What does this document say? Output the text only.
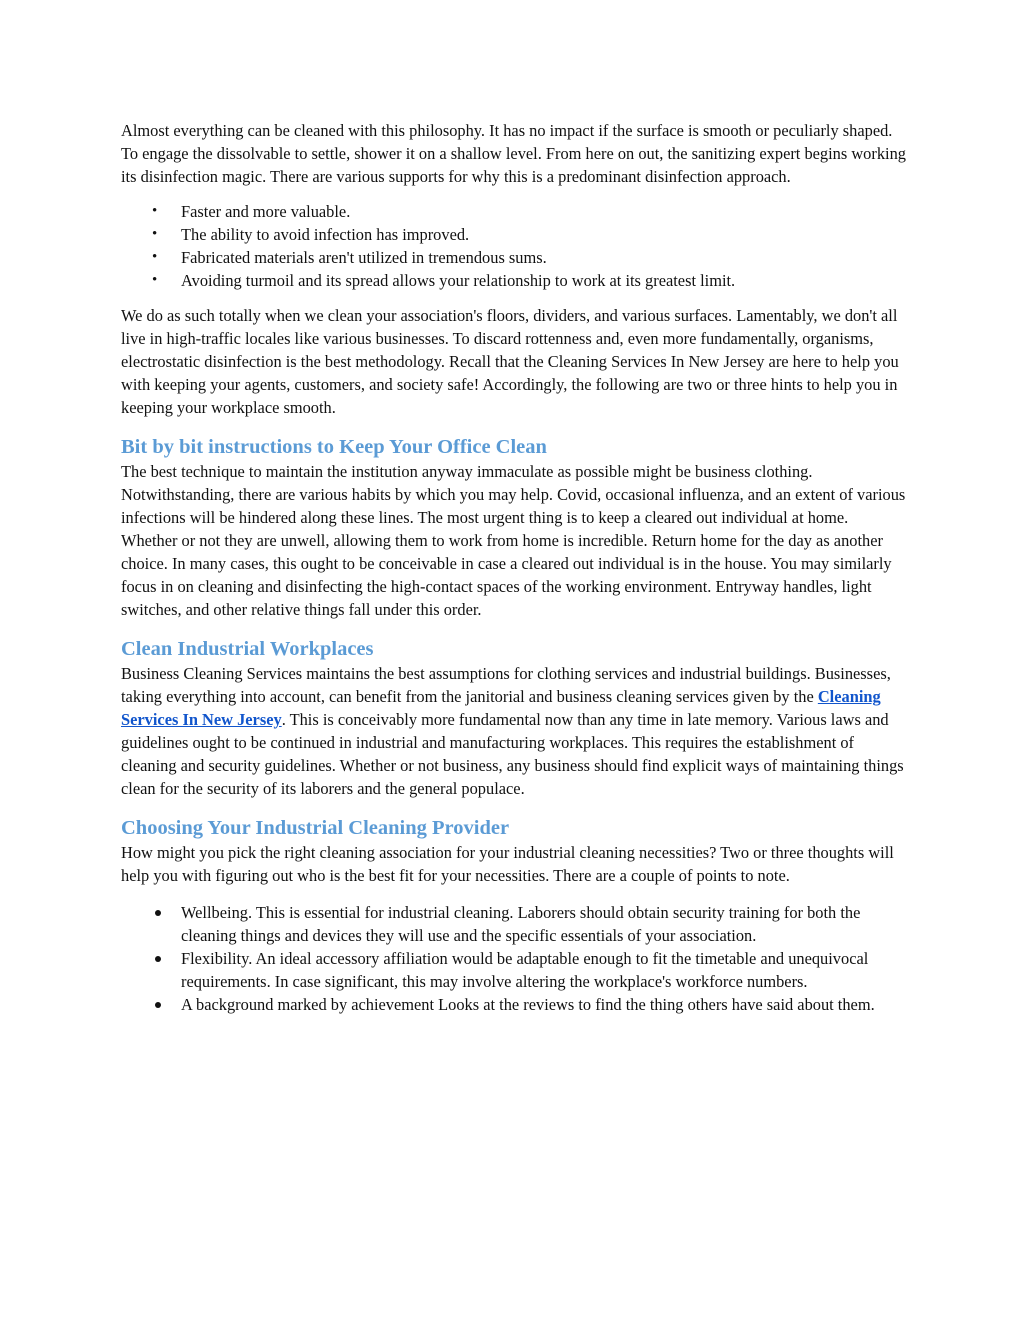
Almost everything can be cleaned with this philosophy. It has no impact if the surface is smooth or peculiarly shaped. To engage the dissolvable to settle, shower it on a shallow level. From here on out, the sanitizing expert begins working its disinfection magic. There are various supports for why this is a predominant disinfection approach.

• Faster and more valuable.
• The ability to avoid infection has improved.
• Fabricated materials aren't utilized in tremendous sums.
• Avoiding turmoil and its spread allows your relationship to work at its greatest limit.

We do as such totally when we clean your association's floors, dividers, and various surfaces. Lamentably, we don't all live in high-traffic locales like various businesses. To discard rottenness and, even more fundamentally, organisms, electrostatic disinfection is the best methodology. Recall that the Cleaning Services In New Jersey are here to help you with keeping your agents, customers, and society safe! Accordingly, the following are two or three hints to help you in keeping your workplace smooth.

Bit by bit instructions to Keep Your Office Clean

The best technique to maintain the institution anyway immaculate as possible might be business clothing. Notwithstanding, there are various habits by which you may help. Covid, occasional influenza, and an extent of various infections will be hindered along these lines. The most urgent thing is to keep a cleared out individual at home. Whether or not they are unwell, allowing them to work from home is incredible. Return home for the day as another choice. In many cases, this ought to be conceivable in case a cleared out individual is in the house. You may similarly focus in on cleaning and disinfecting the high-contact spaces of the working environment. Entryway handles, light switches, and other relative things fall under this order.

Clean Industrial Workplaces

Business Cleaning Services maintains the best assumptions for clothing services and industrial buildings. Businesses, taking everything into account, can benefit from the janitorial and business cleaning services given by the Cleaning Services In New Jersey. This is conceivably more fundamental now than any time in late memory. Various laws and guidelines ought to be continued in industrial and manufacturing workplaces. This requires the establishment of cleaning and security guidelines. Whether or not business, any business should find explicit ways of maintaining things clean for the security of its laborers and the general populace.

Choosing Your Industrial Cleaning Provider

How might you pick the right cleaning association for your industrial cleaning necessities? Two or three thoughts will help you with figuring out who is the best fit for your necessities. There are a couple of points to note.

Wellbeing. This is essential for industrial cleaning. Laborers should obtain security training for both the cleaning things and devices they will use and the specific essentials of your association.
Flexibility. An ideal accessory affiliation would be adaptable enough to fit the timetable and unequivocal requirements. In case significant, this may involve altering the workplace's workforce numbers.
A background marked by achievement Looks at the reviews to find the thing others have said about them.
